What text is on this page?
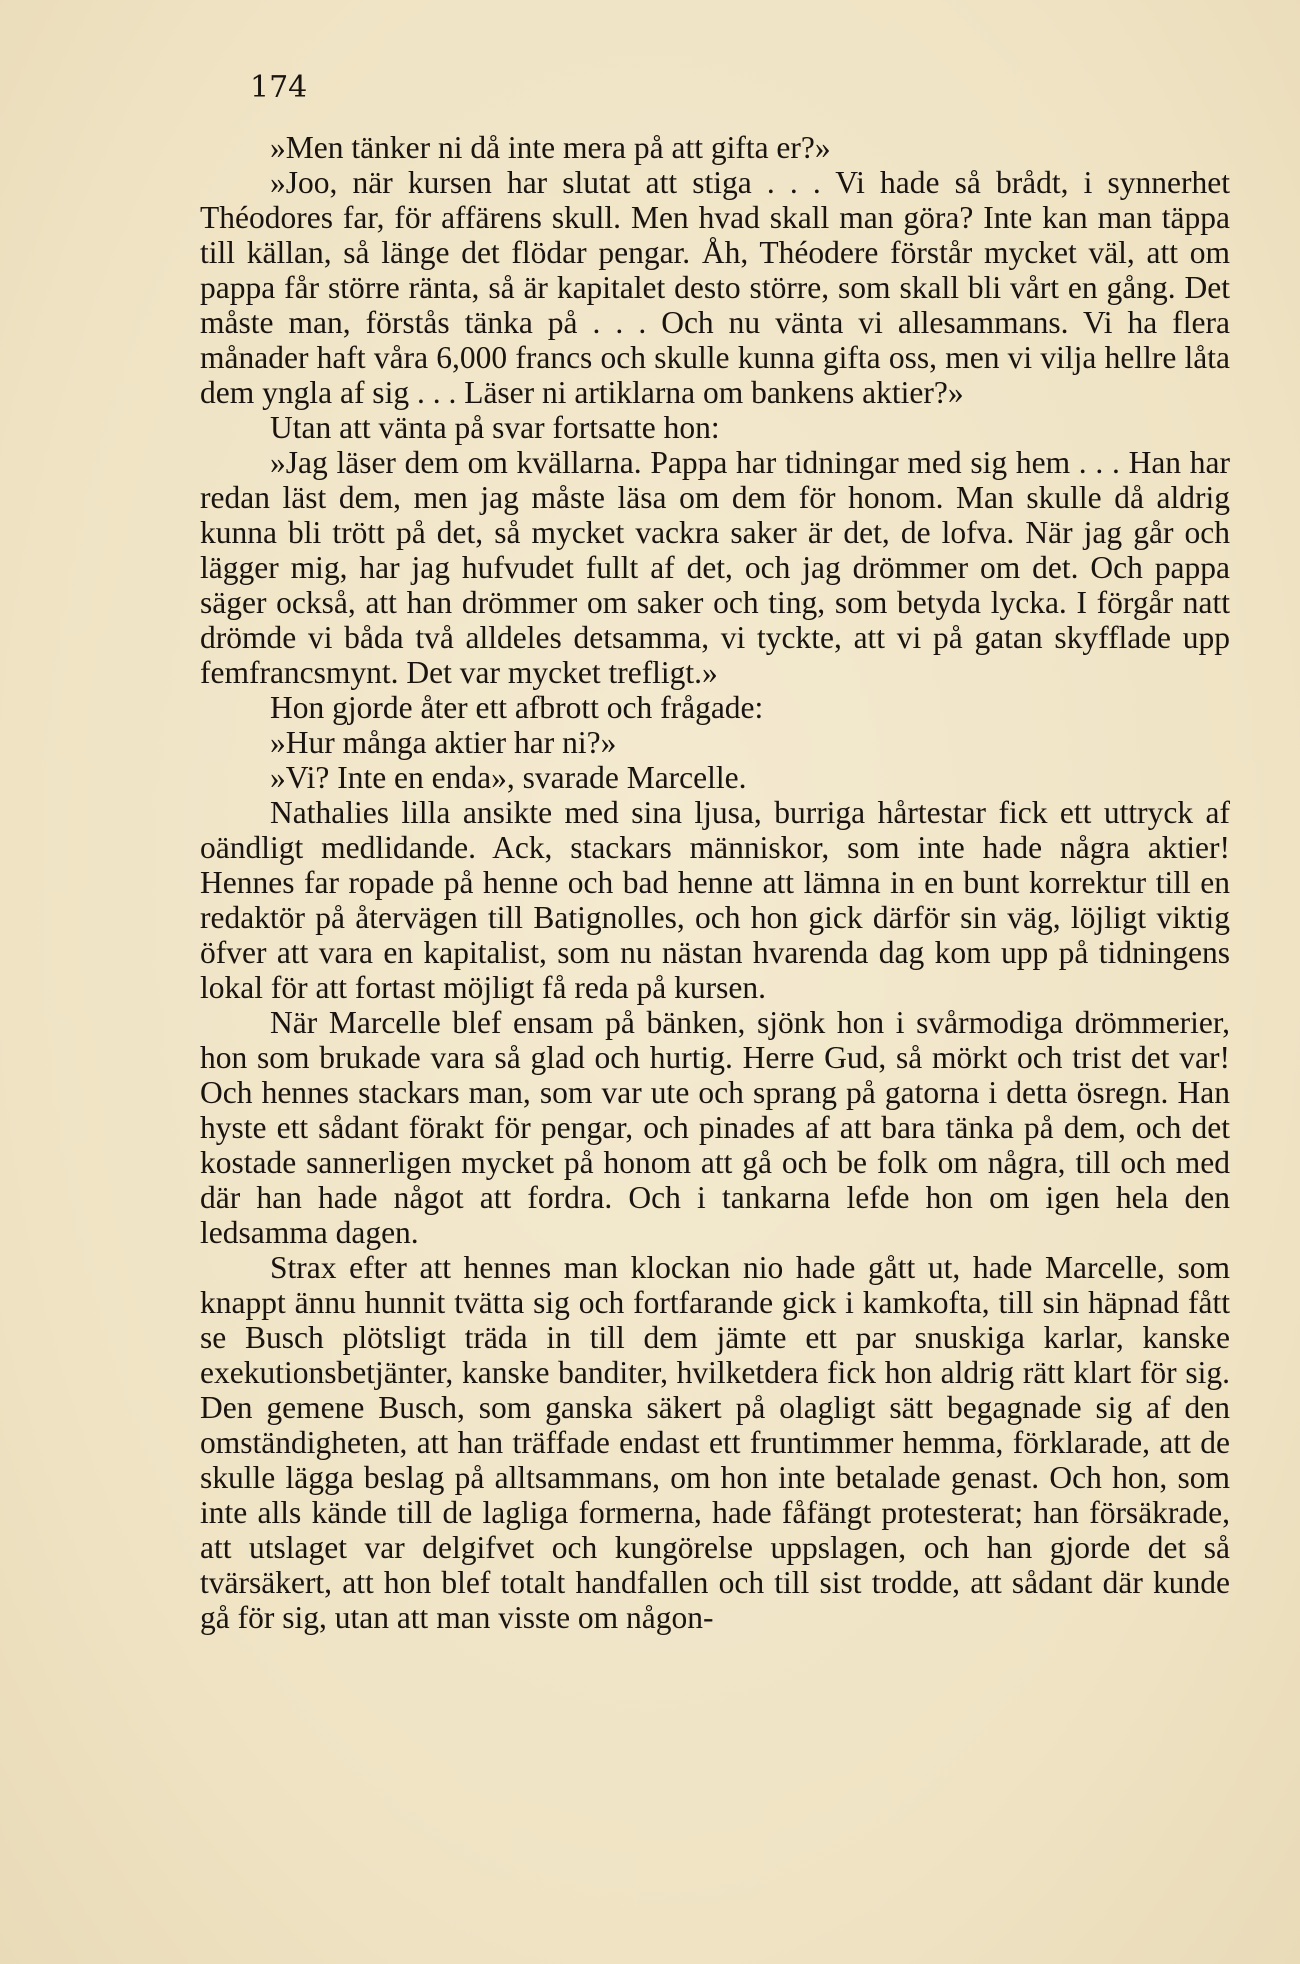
174

»Men tänker ni då inte mera på att gifta er?»

»Joo, när kursen har slutat att stiga . . . Vi hade så brådt, i synnerhet Théodores far, för affärens skull. Men hvad skall man göra? Inte kan man täppa till källan, så länge det flödar pengar. Åh, Théodere förstår mycket väl, att om pappa får större ränta, så är kapitalet desto större, som skall bli vårt en gång. Det måste man, förstås tänka på . . . Och nu vänta vi allesammans. Vi ha flera månader haft våra 6,000 francs och skulle kunna gifta oss, men vi vilja hellre låta dem yngla af sig . . . Läser ni artiklarna om bankens aktier?»

Utan att vänta på svar fortsatte hon:

»Jag läser dem om kvällarna. Pappa har tidningar med sig hem . . . Han har redan läst dem, men jag måste läsa om dem för honom. Man skulle då aldrig kunna bli trött på det, så mycket vackra saker är det, de lofva. När jag går och lägger mig, har jag hufvudet fullt af det, och jag drömmer om det. Och pappa säger också, att han drömmer om saker och ting, som betyda lycka. I förgår natt drömde vi båda två alldeles detsamma, vi tyckte, att vi på gatan skyfflade upp femfrancsmynt. Det var mycket trefligt.»

Hon gjorde åter ett afbrott och frågade:

»Hur många aktier har ni?»

»Vi? Inte en enda», svarade Marcelle.

Nathalies lilla ansikte med sina ljusa, burriga hårtestar fick ett uttryck af oändligt medlidande. Ack, stackars människor, som inte hade några aktier! Hennes far ropade på henne och bad henne att lämna in en bunt korrektur till en redaktör på återvägen till Batignolles, och hon gick därför sin väg, löjligt viktig öfver att vara en kapitalist, som nu nästan hvarenda dag kom upp på tidningens lokal för att fortast möjligt få reda på kursen.

När Marcelle blef ensam på bänken, sjönk hon i svårmodiga drömmerier, hon som brukade vara så glad och hurtig. Herre Gud, så mörkt och trist det var! Och hennes stackars man, som var ute och sprang på gatorna i detta ösregn. Han hyste ett sådant förakt för pengar, och pinades af att bara tänka på dem, och det kostade sannerligen mycket på honom att gå och be folk om några, till och med där han hade något att fordra. Och i tankarna lefde hon om igen hela den ledsamma dagen.

Strax efter att hennes man klockan nio hade gått ut, hade Marcelle, som knappt ännu hunnit tvätta sig och fortfarande gick i kamkofta, till sin häpnad fått se Busch plötsligt träda in till dem jämte ett par snuskiga karlar, kanske exekutionsbetjänter, kanske banditer, hvilketdera fick hon aldrig rätt klart för sig. Den gemene Busch, som ganska säkert på olagligt sätt begagnade sig af den omständigheten, att han träffade endast ett fruntimmer hemma, förklarade, att de skulle lägga beslag på alltsammans, om hon inte betalade genast. Och hon, som inte alls kände till de lagliga formerna, hade fåfängt protesterat; han försäkrade, att utslaget var delgifvet och kungörelse uppslagen, och han gjorde det så tvärsäkert, att hon blef totalt handfallen och till sist trodde, att sådant där kunde gå för sig, utan att man visste om någon-
